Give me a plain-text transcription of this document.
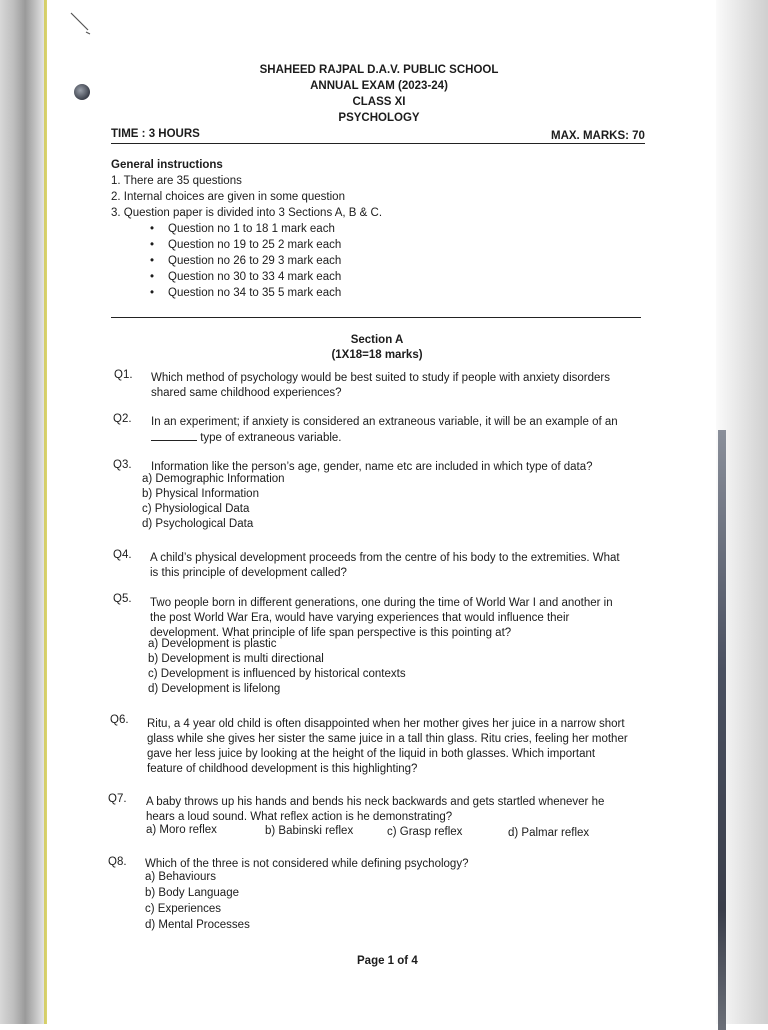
SHAHEED RAJPAL D.A.V. PUBLIC SCHOOL
ANNUAL EXAM (2023-24)
CLASS XI
PSYCHOLOGY
TIME : 3 HOURS	MAX. MARKS: 70
General instructions
1. There are 35 questions
2. Internal choices are given in some question
3. Question paper is divided into 3 Sections A, B & C.
• Question no 1 to 18 1 mark each
• Question no 19 to 25 2 mark each
• Question no 26 to 29 3 mark each
• Question no 30 to 33 4 mark each
• Question no 34 to 35 5 mark each
Section A
(1X18=18 marks)
Q1. Which method of psychology would be best suited to study if people with anxiety disorders
shared same childhood experiences?
Q2. In an experiment; if anxiety is considered an extraneous variable, it will be an example of an
type of extraneous variable.
Q3. Information like the person’s age, gender, name etc are included in which type of data?
a) Demographic Information
b) Physical Information
c) Physiological Data
d) Psychological Data
Q4. A child’s physical development proceeds from the centre of his body to the extremities. What
is this principle of development called?
Q5. Two people born in different generations, one during the time of World War I and another in
the post World War Era, would have varying experiences that would influence their
development. What principle of life span perspective is this pointing at?
a) Development is plastic
b) Development is multi directional
c) Development is influenced by historical contexts
d) Development is lifelong
Q6. Ritu, a 4 year old child is often disappointed when her mother gives her juice in a narrow short
glass while she gives her sister the same juice in a tall thin glass. Ritu cries, feeling her mother
gave her less juice by looking at the height of the liquid in both glasses. Which important
feature of childhood development is this highlighting?
Q7. A baby throws up his hands and bends his neck backwards and gets startled whenever he
hears a loud sound. What reflex action is he demonstrating?
a) Moro reflex	b) Babinski reflex	c) Grasp reflex	d) Palmar reflex
Q8. Which of the three is not considered while defining psychology?
a) Behaviours
b) Body Language
c) Experiences
d) Mental Processes
Page 1 of 4
